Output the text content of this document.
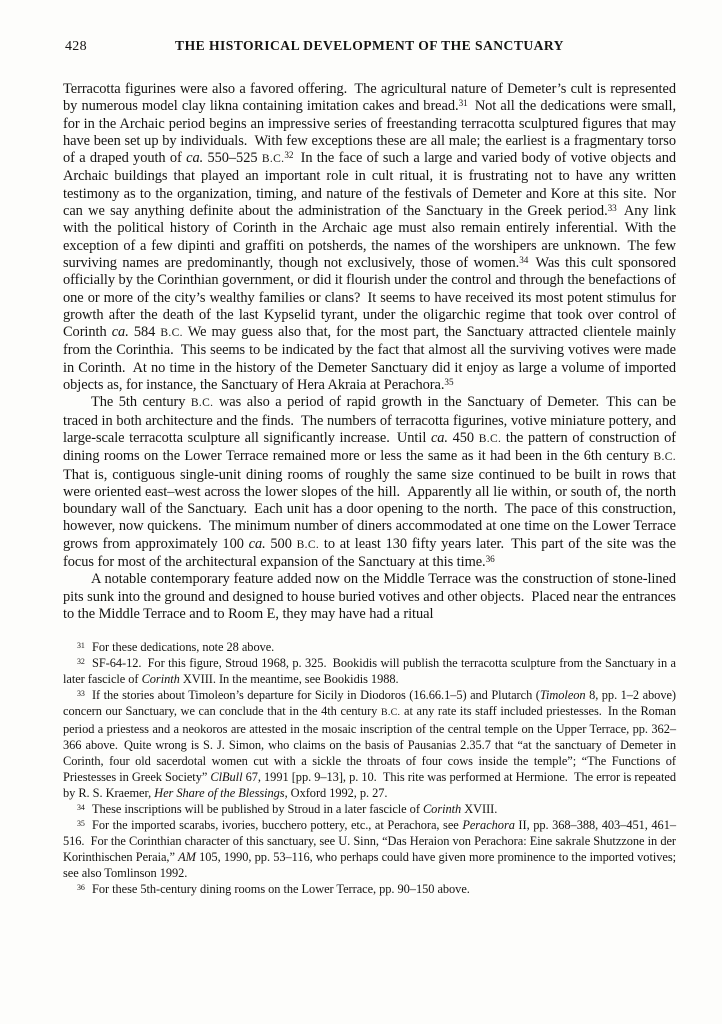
428	THE HISTORICAL DEVELOPMENT OF THE SANCTUARY

Terracotta figurines were also a favored offering. The agricultural nature of Demeter’s cult is represented by numerous model clay likna containing imitation cakes and bread.$^{31}$ Not all the dedications were small, for in the Archaic period begins an impressive series of freestanding terracotta sculptured figures that may have been set up by individuals. With few exceptions these are all male; the earliest is a fragmentary torso of a draped youth of ca. 550–525 B.C.$^{32}$ In the face of such a large and varied body of votive objects and Archaic buildings that played an important role in cult ritual, it is frustrating not to have any written testimony as to the organization, timing, and nature of the festivals of Demeter and Kore at this site. Nor can we say anything definite about the administration of the Sanctuary in the Greek period.$^{33}$ Any link with the political history of Corinth in the Archaic age must also remain entirely inferential. With the exception of a few dipinti and graffiti on potsherds, the names of the worshipers are unknown. The few surviving names are predominantly, though not exclusively, those of women.$^{34}$ Was this cult sponsored officially by the Corinthian government, or did it flourish under the control and through the benefactions of one or more of the city’s wealthy families or clans? It seems to have received its most potent stimulus for growth after the death of the last Kypselid tyrant, under the oligarchic regime that took over control of Corinth ca. 584 B.C. We may guess also that, for the most part, the Sanctuary attracted clientele mainly from the Corinthia. This seems to be indicated by the fact that almost all the surviving votives were made in Corinth. At no time in the history of the Demeter Sanctuary did it enjoy as large a volume of imported objects as, for instance, the Sanctuary of Hera Akraia at Perachora.$^{35}$

The 5th century B.C. was also a period of rapid growth in the Sanctuary of Demeter. This can be traced in both architecture and the finds. The numbers of terracotta figurines, votive miniature pottery, and large-scale terracotta sculpture all significantly increase. Until ca. 450 B.C. the pattern of construction of dining rooms on the Lower Terrace remained more or less the same as it had been in the 6th century B.C. That is, contiguous single-unit dining rooms of roughly the same size continued to be built in rows that were oriented east–west across the lower slopes of the hill. Apparently all lie within, or south of, the north boundary wall of the Sanctuary. Each unit has a door opening to the north. The pace of this construction, however, now quickens. The minimum number of diners accommodated at one time on the Lower Terrace grows from approximately 100 ca. 500 B.C. to at least 130 fifty years later. This part of the site was the focus for most of the architectural expansion of the Sanctuary at this time.$^{36}$

A notable contemporary feature added now on the Middle Terrace was the construction of stone-lined pits sunk into the ground and designed to house buried votives and other objects. Placed near the entrances to the Middle Terrace and to Room E, they may have had a ritual

$^{31}$  For these dedications, note 28 above.

$^{32}$  SF-64-12. For this figure, Stroud 1968, p. 325. Bookidis will publish the terracotta sculpture from the Sanctuary in a later fascicle of Corinth XVIII. In the meantime, see Bookidis 1988.

$^{33}$  If the stories about Timoleon’s departure for Sicily in Diodoros (16.66.1–5) and Plutarch (Timoleon 8, pp. 1–2 above) concern our Sanctuary, we can conclude that in the 4th century B.C. at any rate its staff included priestesses. In the Roman period a priestess and a neokoros are attested in the mosaic inscription of the central temple on the Upper Terrace, pp. 362–366 above. Quite wrong is S. J. Simon, who claims on the basis of Pausanias 2.35.7 that “at the sanctuary of Demeter in Corinth, four old sacerdotal women cut with a sickle the throats of four cows inside the temple”; “The Functions of Priestesses in Greek Society” ClBull 67, 1991 [pp. 9–13], p. 10. This rite was performed at Hermione. The error is repeated by R. S. Kraemer, Her Share of the Blessings, Oxford 1992, p. 27.

$^{34}$  These inscriptions will be published by Stroud in a later fascicle of Corinth XVIII.

$^{35}$  For the imported scarabs, ivories, bucchero pottery, etc., at Perachora, see Perachora II, pp. 368–388, 403–451, 461–516. For the Corinthian character of this sanctuary, see U. Sinn, “Das Heraion von Perachora: Eine sakrale Shutzzone in der Korinthischen Peraia,” AM 105, 1990, pp. 53–116, who perhaps could have given more prominence to the imported votives; see also Tomlinson 1992.

$^{36}$  For these 5th-century dining rooms on the Lower Terrace, pp. 90–150 above.
